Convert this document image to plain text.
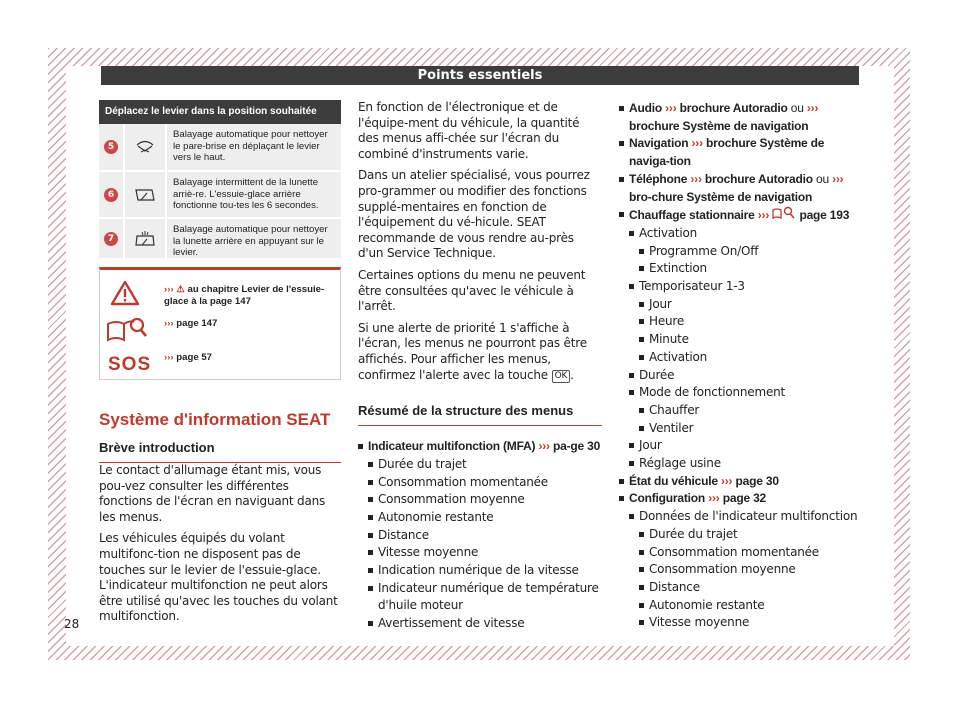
Points essentiels
Déplacez le levier dans la position souhaitée
5
Balayage automatique pour nettoyer le pare-brise en déplaçant le levier vers le haut.
6
Balayage intermittent de la lunette arriè-re. L'essuie-glace arrière fonctionne tou-tes les 6 secondes.
7
Balayage automatique pour nettoyer la lunette arrière en appuyant sur le levier.
SOS
››› ⚠ au chapitre Levier de l'essuie-glace à la page 147
››› page 147
››› page 57
Système d'information SEAT
Brève introduction

Le contact d'allumage étant mis, vous pou-vez consulter les différentes fonctions de l'écran en naviguant dans les menus.

Les véhicules équipés du volant multifonc-tion ne disposent pas de touches sur le levier de l'essuie-glace. L'indicateur multifonction ne peut alors être utilisé qu'avec les touches du volant multifonction.

En fonction de l'électronique et de l'équipe-ment du véhicule, la quantité des menus affi-chée sur l'écran du combiné d'instruments varie.

Dans un atelier spécialisé, vous pourrez pro-grammer ou modifier des fonctions supplé-mentaires en fonction de l'équipement du vé-hicule. SEAT recommande de vous rendre au-près d'un Service Technique.

Certaines options du menu ne peuvent être consultées qu'avec le véhicule à l'arrêt.

Si une alerte de priorité 1 s'affiche à l'écran, les menus ne pourront pas être affichés. Pour afficher les menus, confirmez l'alerte avec la touche OK .

Résumé de la structure des menus
Indicateur multifonction (MFA) ››› pa-ge 30
Durée du trajet
Consommation momentanée
Consommation moyenne
Autonomie restante
Distance
Vitesse moyenne
Indication numérique de la vitesse
Indicateur numérique de température d'huile moteur
Avertissement de vitesse
Audio ››› brochure Autoradio ou ››› brochure Système de navigation
Navigation ››› brochure Système de naviga-tion
Téléphone ››› brochure Autoradio ou ››› bro-chure Système de navigation
Chauffage stationnaire ›››	page 193
Activation
Programme On/Off
Extinction
Temporisateur 1-3
Jour
Heure
Minute
Activation
Durée
Mode de fonctionnement
Chauffer
Ventiler
Jour
Réglage usine
État du véhicule ››› page 30
Configuration ››› page 32
Données de l'indicateur multifonction
Durée du trajet
Consommation momentanée
Consommation moyenne
Distance
Autonomie restante
Vitesse moyenne
28
